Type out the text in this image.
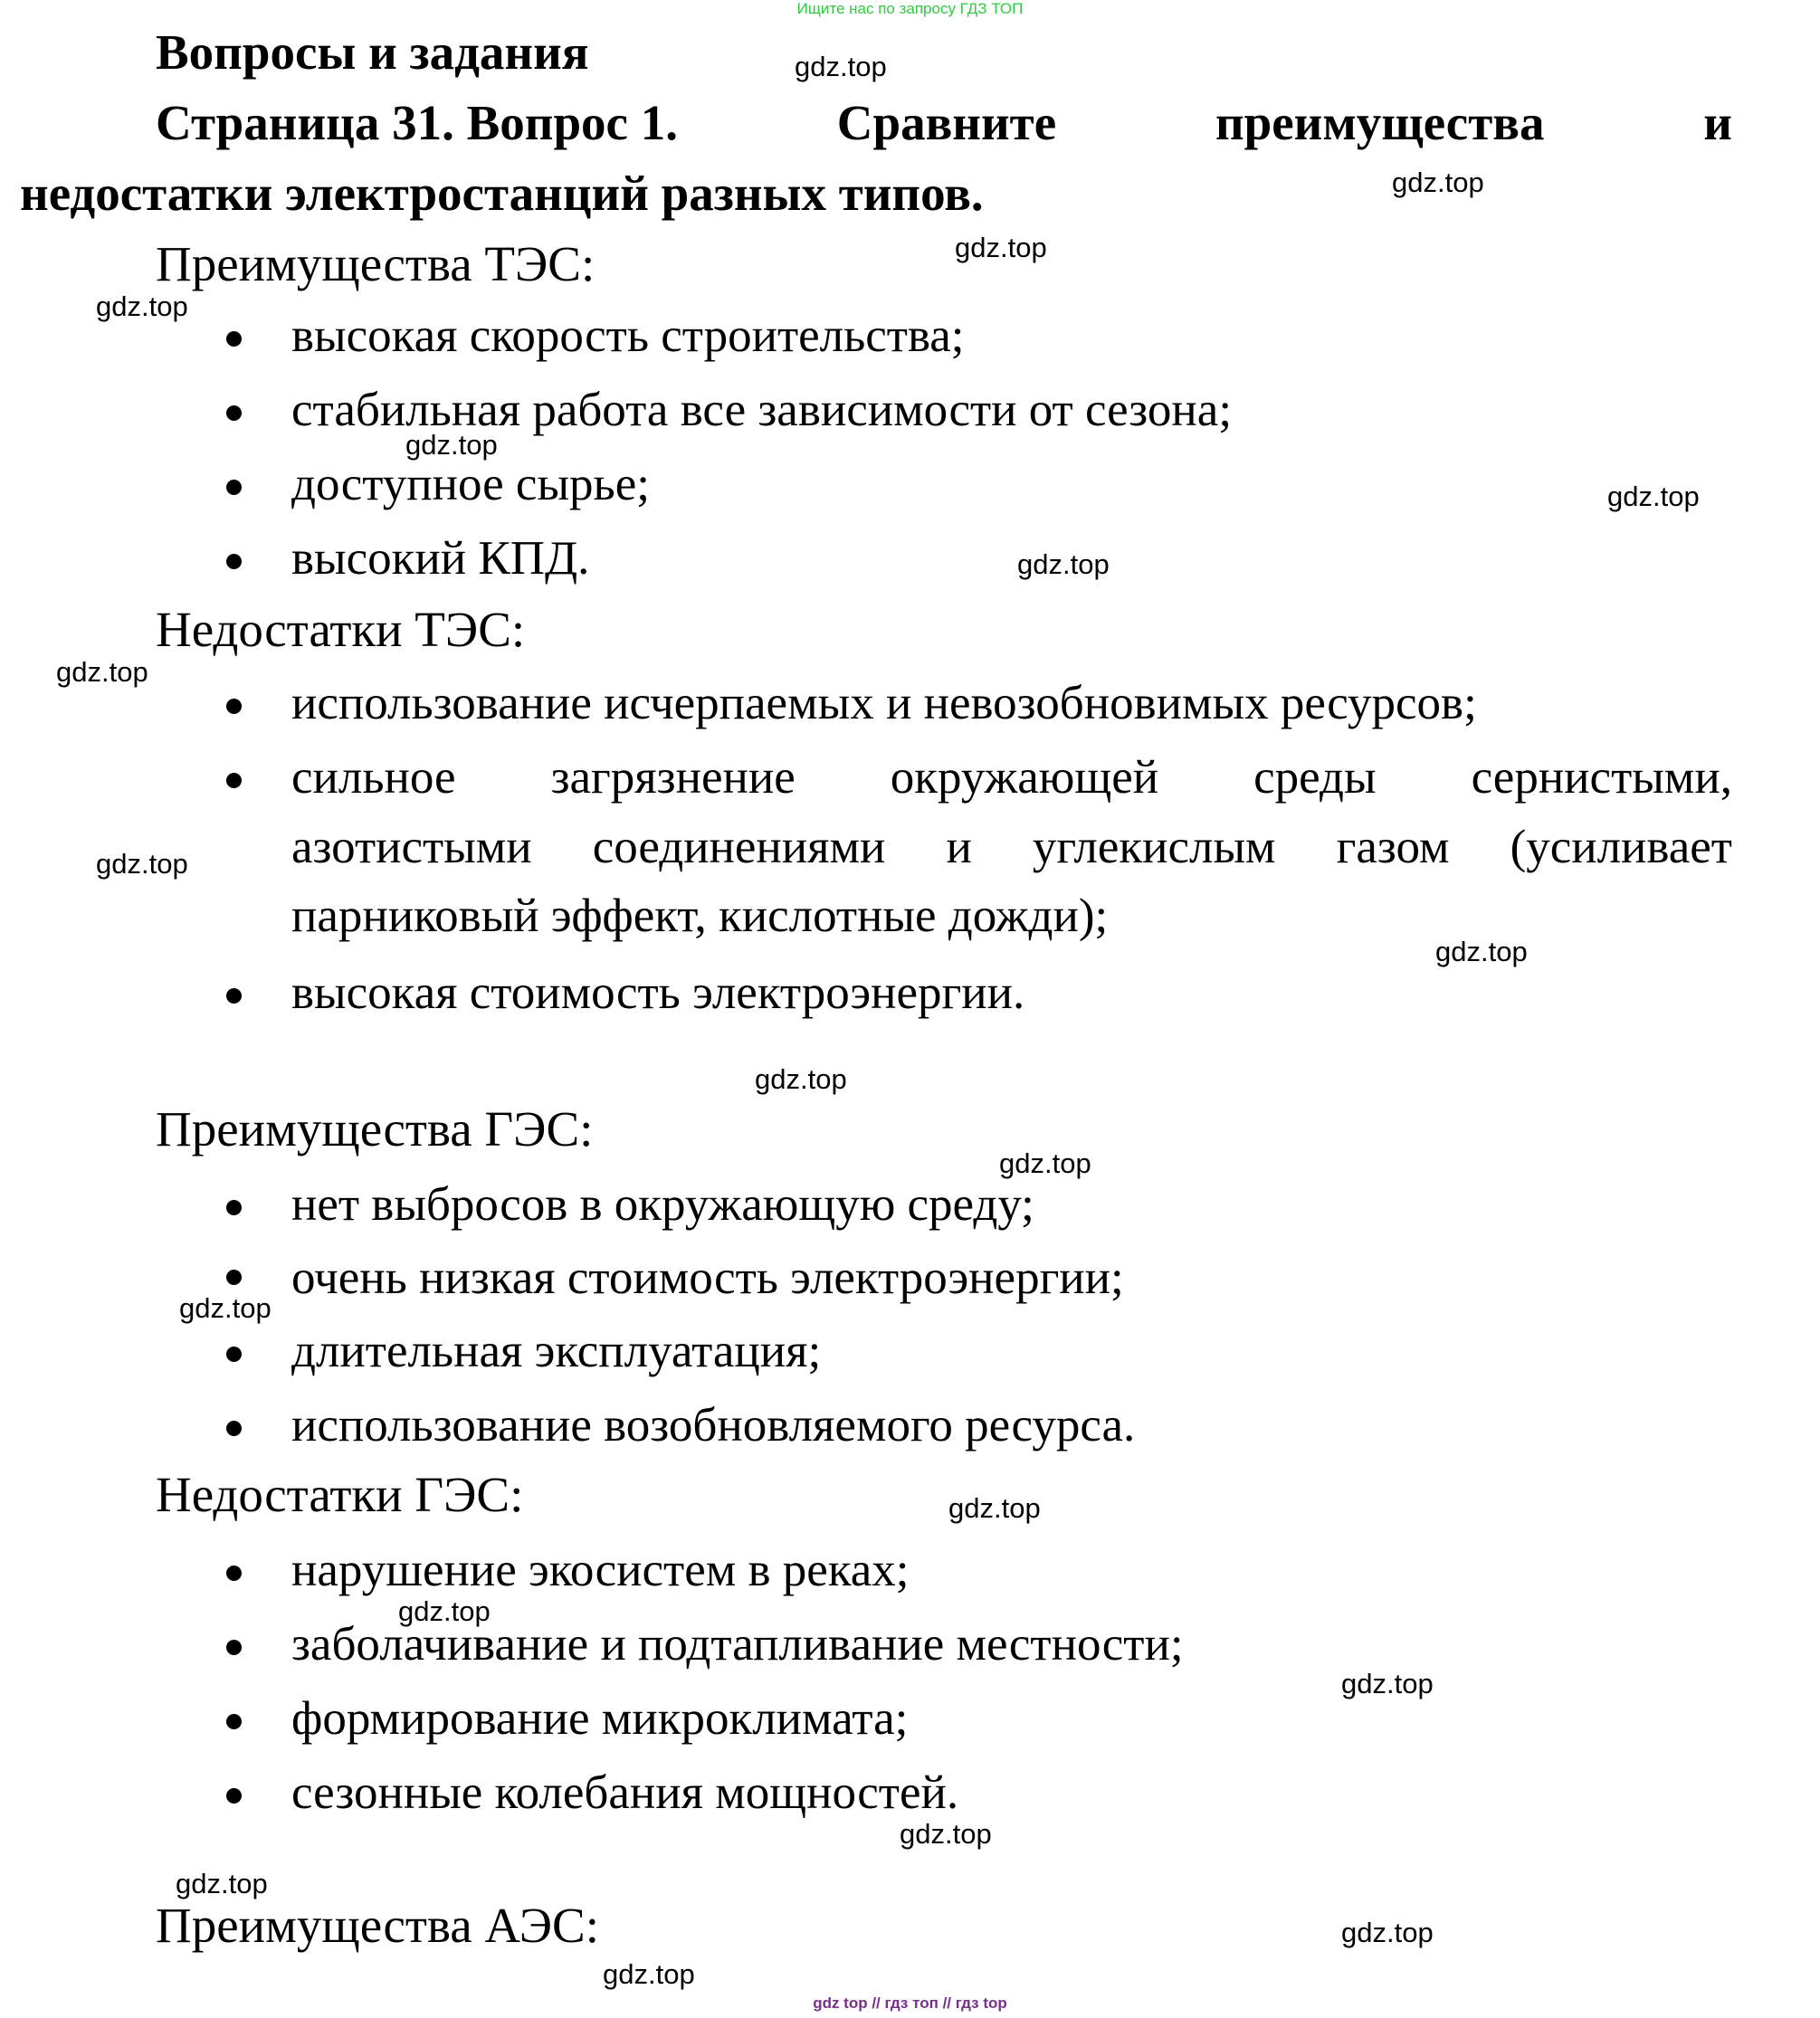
Ищите нас по запросу ГДЗ ТОП
gdz top // гдз топ // гдз top
Вопросы и задания
Страница 31. Вопрос 1.	Сравните	преимущества	и
недостатки электростанций разных типов.
Преимущества ТЭС:
высокая скорость строительства;
стабильная работа все зависимости от сезона;
доступное сырье;
высокий КПД.
Недостатки ТЭС:
использование исчерпаемых и невозобновимых ресурсов;
сильное загрязнение окружающей среды сернистыми,
азотистыми соединениями и углекислым газом (усиливает
парниковый эффект, кислотные дожди);
высокая стоимость электроэнергии.
Преимущества ГЭС:
нет выбросов в окружающую среду;
очень низкая стоимость электроэнергии;
длительная эксплуатация;
использование возобновляемого ресурса.
Недостатки ГЭС:
нарушение экосистем в реках;
заболачивание и подтапливание местности;
формирование микроклимата;
сезонные колебания мощностей.
Преимущества АЭС:
gdz.top
gdz.top
gdz.top
gdz.top
gdz.top
gdz.top
gdz.top
gdz.top
gdz.top
gdz.top
gdz.top
gdz.top
gdz.top
gdz.top
gdz.top
gdz.top
gdz.top
gdz.top
gdz.top
gdz.top
